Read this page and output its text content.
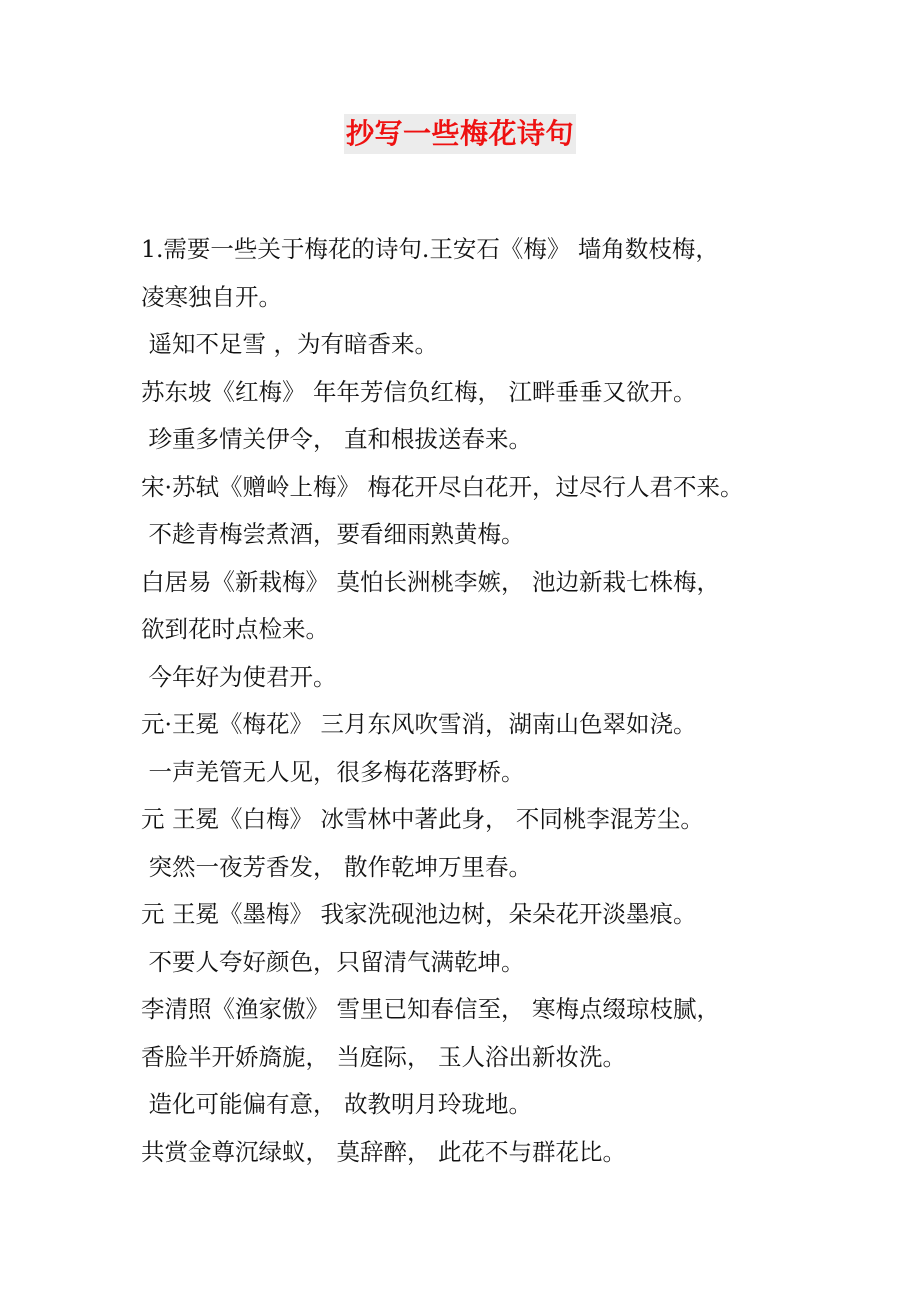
抄写一些梅花诗句
1.需要一些关于梅花的诗句.王安石《梅》 墙角数枝梅，
凌寒独自开。
遥知不足雪 ，为有暗香来。
苏东坡《红梅》 年年芳信负红梅， 江畔垂垂又欲开。
珍重多情关伊令， 直和根拔送春来。
宋·苏轼《赠岭上梅》 梅花开尽白花开，过尽行人君不来。
不趁青梅尝煮酒，要看细雨熟黄梅。
白居易《新栽梅》 莫怕长洲桃李嫉， 池边新栽七株梅，
欲到花时点检来。
今年好为使君开。
元·王冕《梅花》 三月东风吹雪消，湖南山色翠如浇。
一声羌管无人见，很多梅花落野桥。
元 王冕《白梅》 冰雪林中著此身， 不同桃李混芳尘。
突然一夜芳香发， 散作乾坤万里春。
元 王冕《墨梅》 我家洗砚池边树，朵朵花开淡墨痕。
不要人夸好颜色，只留清气满乾坤。
李清照《渔家傲》 雪里已知春信至， 寒梅点缀琼枝腻，
香脸半开娇旖旎， 当庭际， 玉人浴出新妆洗。
造化可能偏有意， 故教明月玲珑地。
共赏金尊沉绿蚁， 莫辞醉， 此花不与群花比。
